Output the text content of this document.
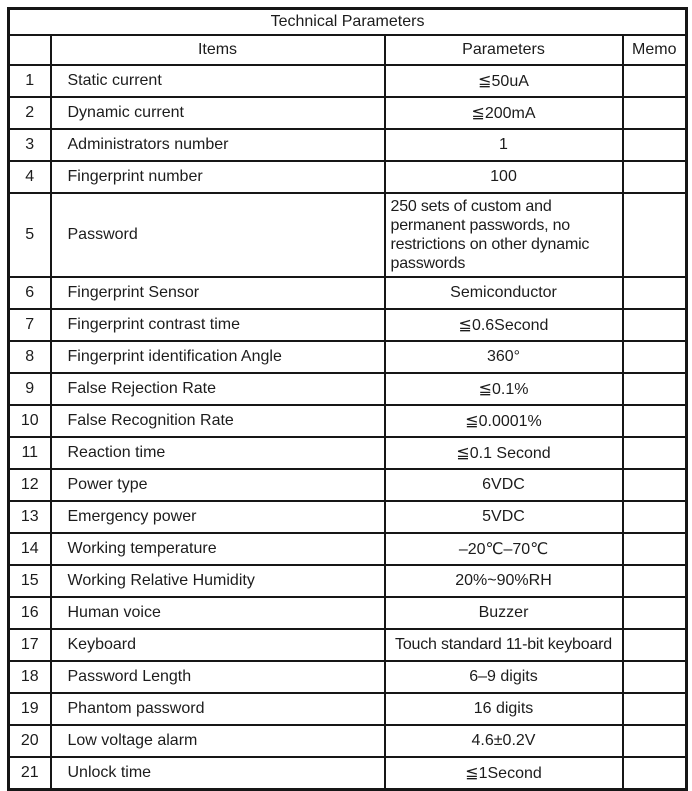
Technical Parameters			
	Items	Parameters	Memo
1	Static current	≦50uA	
2	Dynamic current	≦200mA	
3	Administrators number	1	
4	Fingerprint number	100	
5	Password	250 sets of custom and permanent passwords, no restrictions on other dynamic passwords	
6	Fingerprint Sensor	Semiconductor	
7	Fingerprint contrast time	≦0.6Second	
8	Fingerprint identification Angle	360°	
9	False Rejection Rate	≦0.1%	
10	False Recognition Rate	≦0.0001%	
11	Reaction time	≦0.1 Second	
12	Power type	6VDC	
13	Emergency power	5VDC	
14	Working temperature	–20℃–70℃	
15	Working Relative Humidity	20%~90%RH	
16	Human voice	Buzzer	
17	Keyboard	Touch standard 11-bit keyboard	
18	Password Length	6–9 digits	
19	Phantom password	16 digits	
20	Low voltage alarm	4.6±0.2V	
21	Unlock time	≦1Second	
